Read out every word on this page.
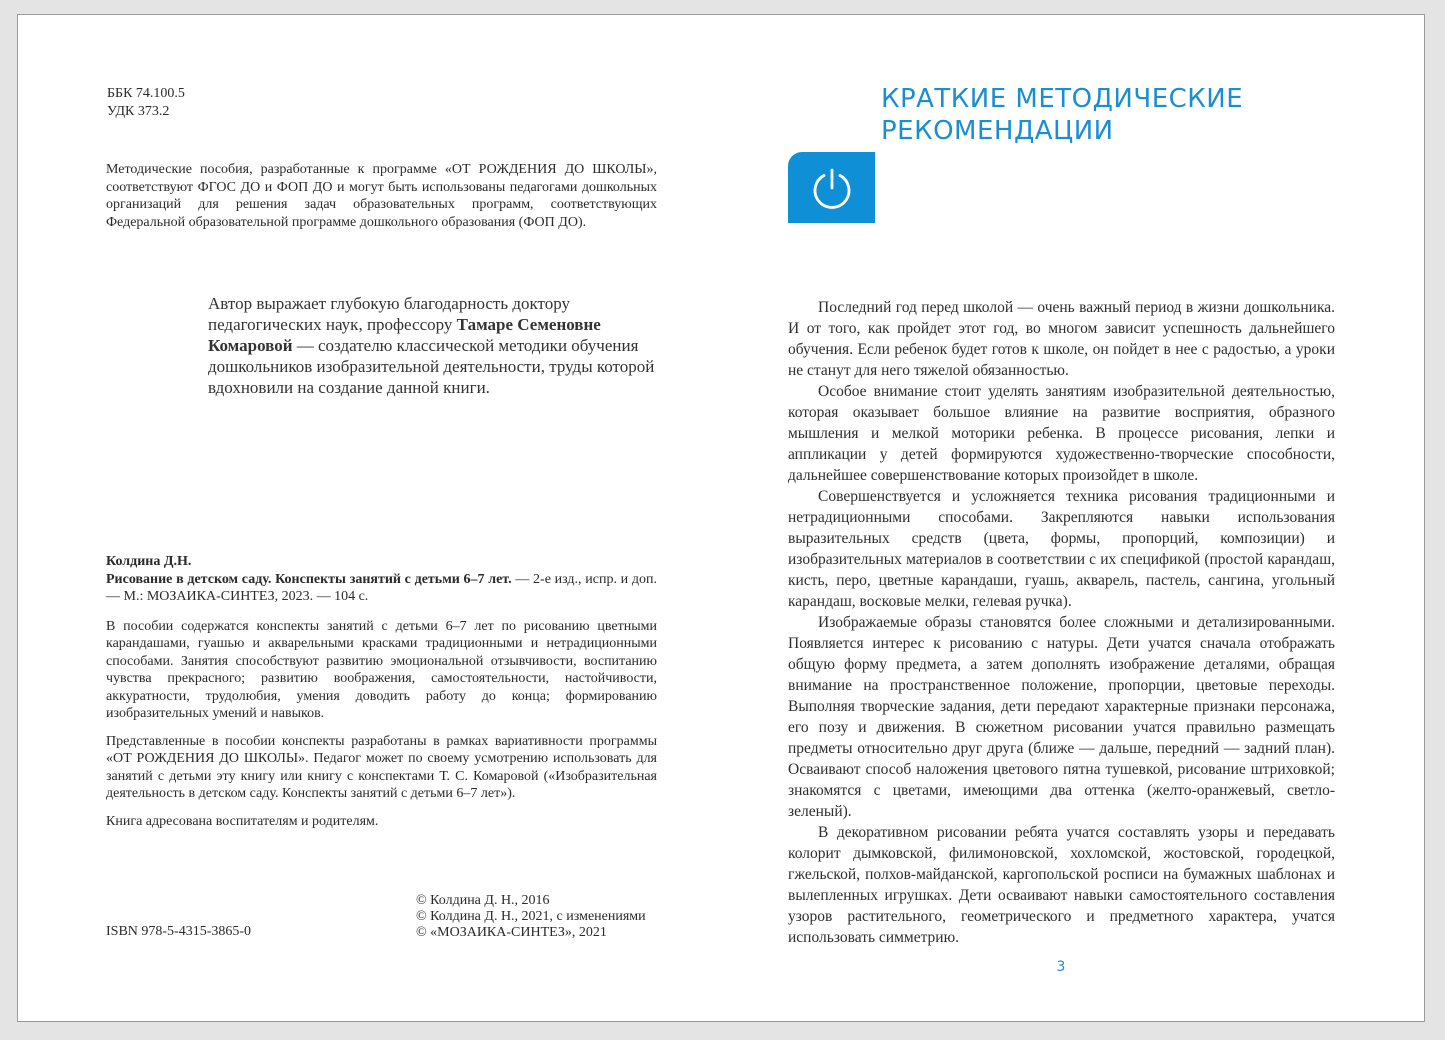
ББК 74.100.5
УДК 373.2
Методические пособия, разработанные к программе «ОТ РОЖДЕНИЯ ДО ШКОЛЫ», соответствуют ФГОС ДО и ФОП ДО и могут быть использованы педагогами дошкольных организаций для решения задач образовательных программ, соответствующих Федеральной образовательной программе дошкольного образования (ФОП ДО).
Автор выражает глубокую благодарность доктору педагогических наук, профессору Тамаре Семеновне Комаровой — создателю классической методики обучения дошкольников изобразительной деятельности, труды которой вдохновили на создание данной книги.

Колдина Д.Н.

Рисование в детском саду. Конспекты занятий с детьми 6–7 лет. — 2-е изд., испр. и доп. — М.: МОЗАИКА-СИНТЕЗ, 2023. — 104 с.

В пособии содержатся конспекты занятий с детьми 6–7 лет по рисованию цветными карандашами, гуашью и акварельными красками традиционными и нетрадиционными способами. Занятия способствуют развитию эмоциональной отзывчивости, воспитанию чувства прекрасного; развитию воображения, самостоятельности, настойчивости, аккуратности, трудолюбия, умения доводить работу до конца; формированию изобразительных умений и навыков.

Представленные в пособии конспекты разработаны в рамках вариативности программы «ОТ РОЖДЕНИЯ ДО ШКОЛЫ». Педагог может по своему усмотрению использовать для занятий с детьми эту книгу или книгу с конспектами Т. С. Комаровой («Изобразительная деятельность в детском саду. Конспекты занятий с детьми 6–7 лет»).

Книга адресована воспитателям и родителям.

ISBN 978-5-4315-3865-0
© Колдина Д. Н., 2016
© Колдина Д. Н., 2021, с изменениями
© «МОЗАИКА-СИНТЕЗ», 2021
КРАТКИЕ МЕТОДИЧЕСКИЕ
РЕКОМЕНДАЦИИ

Последний год перед школой — очень важный период в жизни дошкольника. И от того, как пройдет этот год, во многом зависит успешность дальнейшего обучения. Если ребенок будет готов к школе, он пойдет в нее с радостью, а уроки не станут для него тяжелой обязанностью.

Особое внимание стоит уделять занятиям изобразительной деятельностью, которая оказывает большое влияние на развитие восприятия, образного мышления и мелкой моторики ребенка. В процессе рисования, лепки и аппликации у детей формируются художественно-творческие способности, дальнейшее совершенствование которых произойдет в школе.

Совершенствуется и усложняется техника рисования традиционными и нетрадиционными способами. Закрепляются навыки использования выразительных средств (цвета, формы, пропорций, композиции) и изобразительных материалов в соответствии с их спецификой (простой карандаш, кисть, перо, цветные карандаши, гуашь, акварель, пастель, сангина, угольный карандаш, восковые мелки, гелевая ручка).

Изображаемые образы становятся более сложными и детализированными. Появляется интерес к рисованию с натуры. Дети учатся сначала отображать общую форму предмета, а затем дополнять изображение деталями, обращая внимание на пространственное положение, пропорции, цветовые переходы. Выполняя творческие задания, дети передают характерные признаки персонажа, его позу и движения. В сюжетном рисовании учатся правильно размещать предметы относительно друг друга (ближе — дальше, передний — задний план). Осваивают способ наложения цветового пятна тушевкой, рисование штриховкой; знакомятся с цветами, имеющими два оттенка (желто-оранжевый, светло-зеленый).

В декоративном рисовании ребята учатся составлять узоры и передавать колорит дымковской, филимоновской, хохломской, жостовской, городецкой, гжельской, полхов-майданской, каргопольской росписи на бумажных шаблонах и вылепленных игрушках. Дети осваивают навыки самостоятельного составления узоров растительного, геометрического и предметного характера, учатся использовать симметрию.

3
